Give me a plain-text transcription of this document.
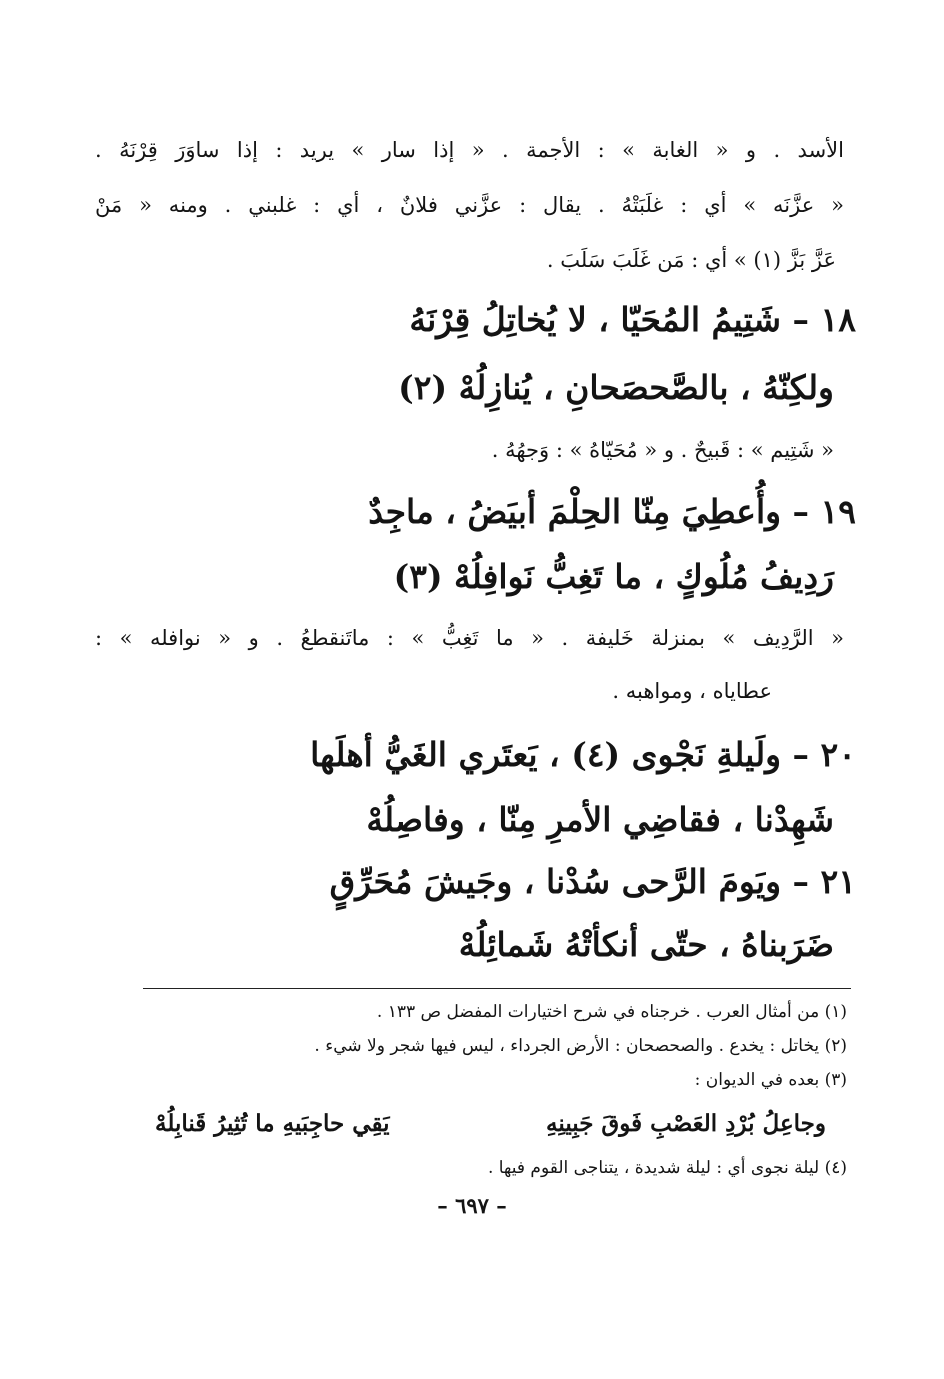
الأسد . و « الغابة » : الأجمة . « إذا سار » يريد : إذا ساوَرَ قِرْنَهُ .
« عزَّنَه » أي : غلَبَتْهُ . يقال : عزَّني فلانٌ ، أي : غلبني . ومنه « مَنْ
عَزَّ بَزَّ (١) » أي : مَن غَلَبَ سَلَبَ .
١٨ – شَتِيمُ المُحَيّا ، لا يُخاتِلُ قِرْنَهُ
ولكِنّهُ ، بالصَّحصَحانِ ، يُنازِلُهْ (٢)
« شَتِيم » : قَبيحٌ . و « مُحَيّاهُ » : وَجهُهُ .
١٩ – وأُعطِيَ مِنّا الحِلْمَ أبيَضُ ، ماجِدٌ
رَدِيفُ مُلُوكٍ ، ما تَغِبُّ نَوافِلُهْ (٣)
« الرَّدِيف » بمنزلة خَليفة . « ما تَغِبُّ » : ماتَنقطعُ . و « نوافله » :
عطاياه ، ومواهبه .
٢٠ – ولَيلةِ نَجْوى (٤) ، يَعتَري الغَيُّ أهلَها
شَهِدْنا ، فقاضِي الأمرِ مِنّا ، وفاصِلُهْ
٢١ – ويَومَ الرَّحى سُدْنا ، وجَيشَ مُحَرِّقٍ
ضَرَبناهُ ، حتّى أنكأتْهُ شَمائِلُهْ
(١) من أمثال العرب . خرجناه في شرح اختيارات المفضل ص ١٣٣ .
(٢) يخاتل : يخدع . والصحصحان : الأرض الجرداء ، ليس فيها شجر ولا شيء .
(٣) بعده في الديوان :
وجاعِلُ بُرْدِ العَصْبِ فَوقَ جَبِينِهِ
يَقِي حاجِبَيهِ ما تُثِيرُ قَنابِلُهْ
(٤) ليلة نجوى أي : ليلة شديدة ، يتناجى القوم فيها .
– ٦٩٧ –
